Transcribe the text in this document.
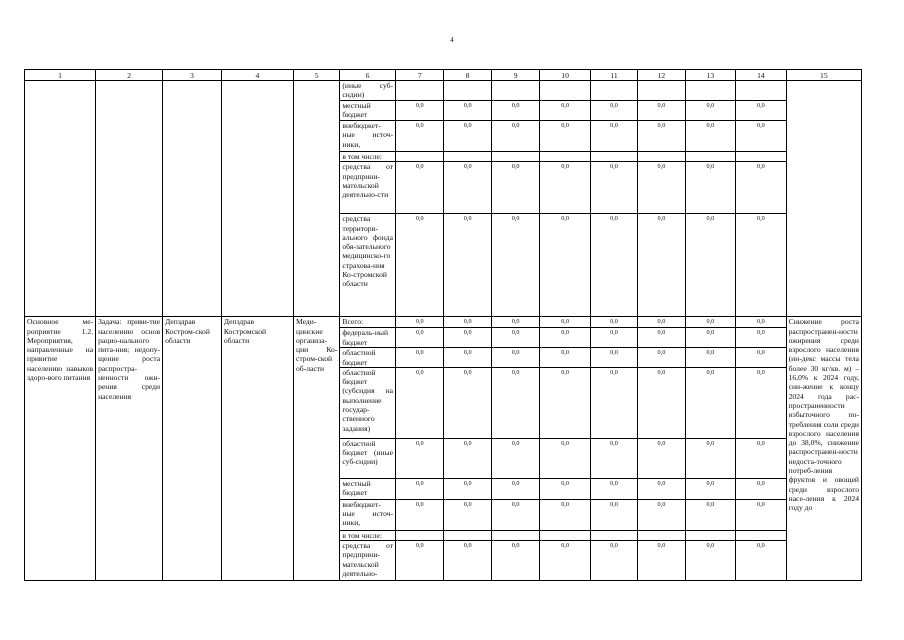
4
1	2	3	4	5	6	7	8	9	10	11	12	13	14	15
					(иные суб-сидии)									
					местный бюджет	0,0	0,0	0,0	0,0	0,0	0,0	0,0	0,0	
					внебюджет-ные источ-ники,	0,0	0,0	0,0	0,0	0,0	0,0	0,0	0,0	
					в том числе:									
					средства от предприни-мательской деятельно-сти	0,0	0,0	0,0	0,0	0,0	0,0	0,0	0,0	
					средства территори-ального фонда обя-зательного медицинско-го страхова-ния Ко-стромской области	0,0	0,0	0,0	0,0	0,0	0,0	0,0	0,0	
Основное ме-роприятие 1.2. Мероприятия, направленные на привитие населению навыков здоро-вого питания	Задача: приви-тие населению основ рацио-нального пита-ния; недопу-щение роста распростра-ненности ожи-рения среди населения	Депздрав Костром-ской области	Депздрав Костромской области	Меди-цинские организа-ции Ко-стром-ской об-ласти	Всего:	0,0	0,0	0,0	0,0	0,0	0,0	0,0	0,0	Снижение роста распространен-ности ожирения среди взрослого населения (ин-декс массы тела более 30 кг/кв. м) – 16,0% к 2024 году, сни-жение к концу 2024 года рас-пространенности избыточного по-требления соли среди взрослого населения до 38,0%, снижение распространен-ности недоста-точного потреб-ления фруктов и овощей среди взрослого насе-ления к 2024 году до
					федераль-ный бюджет	0,0	0,0	0,0	0,0	0,0	0,0	0,0	0,0	
					областной бюджет	0,0	0,0	0,0	0,0	0,0	0,0	0,0	0,0	
					областной бюджет (субсидия на выполнение государ-ственного задания)	0,0	0,0	0,0	0,0	0,0	0,0	0,0	0,0	
					областной бюджет (иные суб-сидии)	0,0	0,0	0,0	0,0	0,0	0,0	0,0	0,0	
					местный бюджет	0,0	0,0	0,0	0,0	0,0	0,0	0,0	0,0	
					внебюджет-ные источ-ники,	0,0	0,0	0,0	0,0	0,0	0,0	0,0	0,0	
					в том числе:									
					средства от предприни-мательской деятельно-	0,0	0,0	0,0	0,0	0,0	0,0	0,0	0,0	
